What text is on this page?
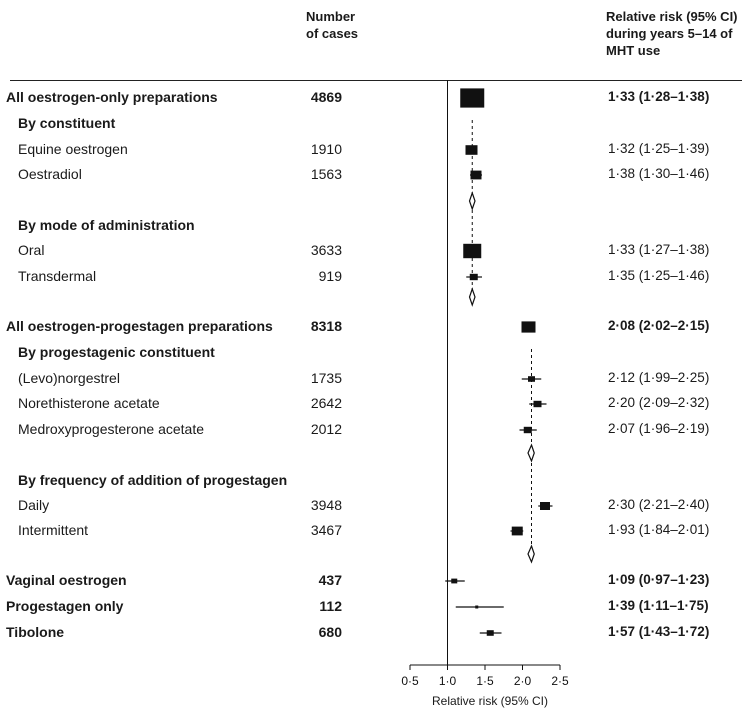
Number
of cases
Relative risk (95% CI)
during years 5–14 of
MHT use
0·5 1·0 1·5 2·0 2·5
All oestrogen-only preparations	4869	1·33 (1·28–1·38)
By constituent
Equine oestrogen	1910	1·32 (1·25–1·39)
Oestradiol	1563	1·38 (1·30–1·46)
By mode of administration
Oral	3633	1·33 (1·27–1·38)
Transdermal	919	1·35 (1·25–1·46)
All oestrogen-progestagen preparations	8318	2·08 (2·02–2·15)
By progestagenic constituent
(Levo)norgestrel	1735	2·12 (1·99–2·25)
Norethisterone acetate	2642	2·20 (2·09–2·32)
Medroxyprogesterone acetate	2012	2·07 (1·96–2·19)
By frequency of addition of progestagen
Daily	3948	2·30 (2·21–2·40)
Intermittent	3467	1·93 (1·84–2·01)
Vaginal oestrogen	437	1·09 (0·97–1·23)
Progestagen only	112	1·39 (1·11–1·75)
Tibolone	680	1·57 (1·43–1·72)
Relative risk (95% CI)
